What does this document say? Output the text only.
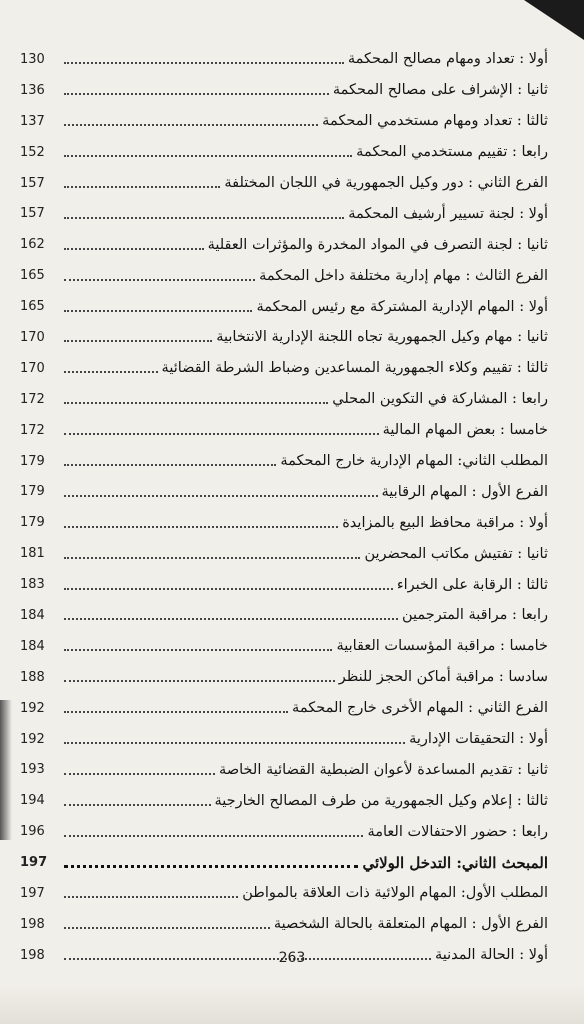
130	أولا : تعداد ومهام مصالح المحكمة
136	ثانيا : الإشراف على مصالح المحكمة
137	ثالثا : تعداد ومهام مستخدمي المحكمة
152	رابعا : تقييم مستخدمي المحكمة
157	الفرع الثاني : دور وكيل الجمهورية في اللجان المختلفة
157	أولا : لجنة تسيير أرشيف المحكمة
162	ثانيا : لجنة التصرف في المواد المخدرة والمؤثرات العقلية
165	الفرع الثالث : مهام إدارية مختلفة داخل المحكمة
165	أولا : المهام الإدارية المشتركة مع رئيس المحكمة
170	ثانيا : مهام وكيل الجمهورية تجاه اللجنة الإدارية الانتخابية
170	ثالثا : تقييم وكلاء الجمهورية المساعدين وضباط الشرطة القضائية
172	رابعا : المشاركة في التكوين المحلي
172	خامسا : بعض المهام المالية
179	المطلب الثاني: المهام الإدارية خارج المحكمة
179	الفرع الأول : المهام الرقابية
179	أولا : مراقبة محافظ البيع بالمزايدة
181	ثانيا : تفتيش مكاتب المحضرين
183	ثالثا : الرقابة على الخبراء
184	رابعا : مراقبة المترجمين
184	خامسا : مراقبة المؤسسات العقابية
188	سادسا : مراقبة أماكن الحجز للنظر
192	الفرع الثاني : المهام الأخرى خارج المحكمة
192	أولا : التحقيقات الإدارية
193	ثانيا : تقديم المساعدة لأعوان الضبطية القضائية الخاصة
194	ثالثا : إعلام وكيل الجمهورية من طرف المصالح الخارجية
196	رابعا : حضور الاحتفالات العامة
197	المبحث الثاني: التدخل الولائي
197	المطلب الأول: المهام الولائية ذات العلاقة بالمواطن
198	الفرع الأول : المهام المتعلقة بالحالة الشخصية
198	أولا : الحالة المدنية
263
